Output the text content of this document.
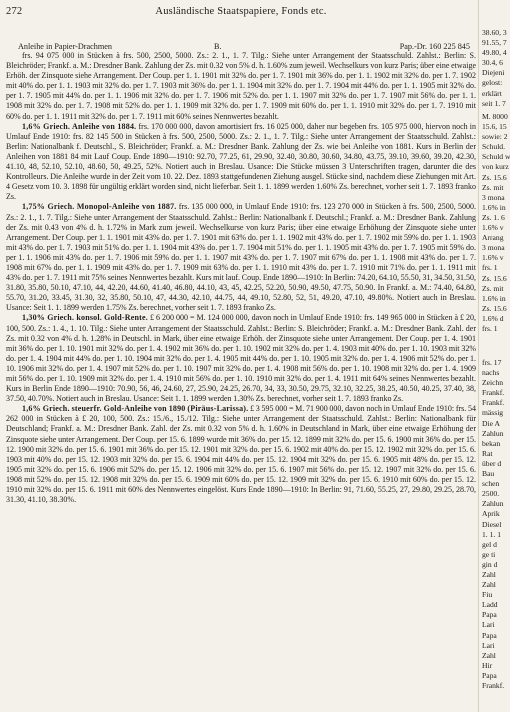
272	Ausländische Staatspapiere, Fonds etc.
Anleihe in Papier-Drachmen	B.	Pap.-Dr. 160 225 845

frs. 94 075 000 in Stücken à frs. 500, 2500, 5000. Zs.: 2. 1., 1. 7. Tilg.: Siehe unter Arrangement der Staatsschuld. Zahlst.: Berlin: S. Bleichröder; Frankf. a. M.: Dresdner Bank. Zahlung der Zs. mit 0.32 von 5% d. h. 1.60% zum jeweil. Wechselkurs von kurz Paris; über eine etwaige Erhöh. der Zinsquote siehe Arrangement. Der Coup. per 1. 1. 1901 mit 32% do. per 1. 7. 1901 mit 36% do. per 1. 1. 1902 mit 32% do. per 1. 7. 1902 mit 40% do. per 1. 1. 1903 mit 32% do. per 1. 7. 1903 mit 36% do. per 1. 1. 1904 mit 32% do. per 1. 7. 1904 mit 44% do. per 1. 1. 1905 mit 32% do. per 1. 7. 1905 mit 44% do. per 1. 1. 1906 mit 32% do. per 1. 7. 1906 mit 52% do. per 1. 1. 1907 mit 32% do. per 1. 7. 1907 mit 56% do. per 1. 1. 1908 mit 32% do. per 1. 7. 1908 mit 52% do. per 1. 1. 1909 mit 32% do. per 1. 7. 1909 mit 60% do. per 1. 1. 1910 mit 32% do. per 1. 7. 1910 mit 60% do. per 1. 1. 1911 mit 32% do. per 1. 7. 1911 mit 60% seines Nennwertes bezahlt.

1,6% Griech. Anleihe von 1884. frs. 170 000 000, davon amortisiert frs. 16 025 000, daher nur begeben frs. 105 975 000, hiervon noch in Umlauf Ende 1910: frs. 82 145 500 in Stücken à frs. 500, 2500, 5000. Zs.: 2. 1., 1. 7. Tilg.: Siehe unter Arrangement der Staatsschuld. Zahlst.: Berlin: Nationalbank f. Deutschl., S. Bleichröder; Frankf. a. M.: Dresdner Bank. Zahlung der Zs. wie bei Anleihe von 1881. Kurs in Berlin der Anleihen von 1881 84 mit Lauf Coup. Ende 1890—1910: 92.70, 77.25, 61, 29.90, 32.40, 30.80, 30.60, 34.80, 43.75, 39.10, 39.60, 39.20, 42.30, 41.10, 48, 52.10, 52.10, 48.60, 50, 49.25, 52%. Notiert auch in Breslau. Usance: Die Stücke müssen 3 Unterschriften tragen, darunter die des Kontrolleurs. Die Anleihe wurde in der Zeit vom 10. 22. Dez. 1893 stattgefundenen Ziehung ausgel. Stücke sind, nachdem diese Ziehungen mit Art. 4 Gesetz vom 10. 3. 1898 für ungültig erklärt worden sind, nicht lieferbar. Seit 1. 1. 1899 werden 1.60% Zs. berechnet, vorher seit 1. 7. 1893 franko Zs.

1,75% Griech. Monopol-Anleihe von 1887. frs. 135 000 000, in Umlauf Ende 1910: frs. 123 270 000 in Stücken à frs. 500, 2500, 5000. Zs.: 2. 1., 1. 7. Tilg.: Siehe unter Arrangement der Staatsschuld. Zahlst.: Berlin: Nationalbank f. Deutschl.; Frankf. a. M.: Dresdner Bank. Zahlung der Zs. mit 0.43 von 4% d. h. 1.72% in Mark zum jeweil. Wechselkurse von kurz Paris; über eine etwaige Erhöhung der Zinsquote siehe unter Arrangement. Der Coup. per 1. 1. 1901 mit 43% do. per 1. 7. 1901 mit 63% do. per 1. 1. 1902 mit 43% do. per 1. 7. 1902 mit 59% do. per 1. 1. 1903 mit 43% do. per 1. 7. 1903 mit 51% do. per 1. 1. 1904 mit 43% do. per 1. 7. 1904 mit 51% do. per 1. 1. 1905 mit 43% do. per 1. 7. 1905 mit 59% do. per 1. 1. 1906 mit 43% do. per 1. 7. 1906 mit 59% do. per 1. 1. 1907 mit 43% do. per 1. 7. 1907 mit 67% do. per 1. 1. 1908 mit 43% do. per 1. 7. 1908 mit 67% do. per 1. 1. 1909 mit 43% do. per 1. 7. 1909 mit 63% do. per 1. 1. 1910 mit 43% do. per 1. 7. 1910 mit 71% do. per 1. 1. 1911 mit 43% do. per 1. 7. 1911 mit 75% seines Nennwertes bezahlt. Kurs mit lauf. Coup. Ende 1890—1910: In Berlin: 74.20, 64.10, 55.50, 31, 34.50, 31.50, 31.80, 35.80, 50.10, 47.10, 44, 42.20, 44.60, 41.40, 46.80, 44.10, 43, 45, 42.25, 52.20, 50.90, 49.50, 47.75, 50.90. In Frankf. a. M.: 74.40, 64.80, 55.70, 31.20, 33.45, 31.30, 32, 35.80, 50.10, 47, 44.30, 42.10, 44.75, 44, 49.10, 52.80, 52, 51, 49.20, 47.10, 49.80%. Notiert auch in Breslau. Usance: Seit 1. 1. 1899 werden 1.75% Zs. berechnet, vorher seit 1. 7. 1893 franko Zs.

1,30% Griech. konsol. Gold-Rente. £ 6 200 000 = M. 124 000 000, davon noch in Umlauf Ende 1910: frs. 149 965 000 in Stücken à £ 20, 100, 500. Zs.: 1. 4., 1. 10. Tilg.: Siehe unter Arrangement der Staatsschuld. Zahlst.: Berlin: S. Bleichröder; Frankf. a. M.: Dresdner Bank. Zahl. der Zs. mit 0.32 von 4% d. h. 1.28% in Deutschl. in Mark, über eine etwaige Erhöh. der Zinsquote siehe unter Arrangement. Der Coup. per 1. 4. 1901 mit 36% do. per 1. 10. 1901 mit 32% do. per 1. 4. 1902 mit 36% do. per 1. 10. 1902 mit 32% do. per 1. 4. 1903 mit 40% do. per 1. 10. 1903 mit 32% do. per 1. 4. 1904 mit 44% do. per 1. 10. 1904 mit 32% do. per 1. 4. 1905 mit 44% do. per 1. 10. 1905 mit 32% do. per 1. 4. 1906 mit 52% do. per 1. 10. 1906 mit 32% do. per 1. 4. 1907 mit 52% do. per 1. 10. 1907 mit 32% do. per 1. 4. 1908 mit 56% do. per 1. 10. 1908 mit 32% do. per 1. 4. 1909 mit 56% do. per 1. 10. 1909 mit 32% do. per 1. 4. 1910 mit 56% do. per 1. 10. 1910 mit 32% do. per 1. 4. 1911 mit 64% seines Nennwertes bezahlt. Kurs in Berlin Ende 1890—1910: 70.90, 56, 46, 24.60, 27, 25.90, 24.25, 26.70, 34, 33, 30.50, 29.75, 32.10, 32.25, 38.25, 40.50, 40.25, 37.40, 38, 37.50, 40.70%. Notiert auch in Breslau. Usance: Seit 1. 1. 1899 werden 1.30% Zs. berechnet, vorher seit 1. 7. 1893 franko Zs.

1,6% Griech. steuerfr. Gold-Anleihe von 1890 (Piräus-Larissa). £ 3 595 000 = M. 71 900 000, davon noch in Umlauf Ende 1910: frs. 54 262 000 in Stücken à £ 20, 100, 500. Zs.: 15./6., 15./12. Tilg.: Siehe unter Arrangement der Staatsschuld. Zahlst.: Berlin: Nationalbank für Deutschland; Frankf. a. M.: Dresdner Bank. Zahl. der Zs. mit 0.32 von 5% d. h. 1.60% in Deutschland in Mark, über eine etwaige Erhöhung der Zinsquote siehe unter Arrangement. Der Coup. per 15. 6. 1899 wurde mit 36% do. per 15. 12. 1899 mit 32% do. per 15. 6. 1900 mit 36% do. per 15. 12. 1900 mit 32% do. per 15. 6. 1901 mit 36% do. per 15. 12. 1901 mit 32% do. per 15. 6. 1902 mit 40% do. per 15. 12. 1902 mit 32% do. per 15. 6. 1903 mit 40% do. per 15. 12. 1903 mit 32% do. per 15. 6. 1904 mit 44% do. per 15. 12. 1904 mit 32% do. per 15. 6. 1905 mit 48% do. per 15. 12. 1905 mit 32% do. per 15. 6. 1906 mit 52% do. per 15. 12. 1906 mit 32% do. per 15. 6. 1907 mit 56% do. per 15. 12. 1907 mit 32% do. per 15. 6. 1908 mit 52% do. per 15. 12. 1908 mit 32% do. per 15. 6. 1909 mit 60% do. per 15. 12. 1909 mit 32% do. per 15. 6. 1910 mit 60% do. per 15. 12. 1910 mit 32% do. per 15. 6. 1911 mit 60% des Nennwertes eingelöst. Kurs Ende 1890—1910: In Berlin: 91, 71.60, 55.25, 27, 29.80, 29.25, 28.70, 31.30, 41.10, 38.30%.

38.60, 3
91.55, 7
49.80, 4
30.4, 6
Diejeni
gelost:
erklärt
seit 1. 7
M. 8000
15.6, 15
sowie: 2
Schuld.
Schuld w
von kurz
Zs. 15.6
Zs. mit
3 mona
1.6% in
Zs. 1. 6
1.6% v
Arrang
3 mona
1.6% v
frs. 1
Zs. 15.6
Zs. mit
1.6% in
Zs. 15.6
1.6% d
frs. 1
frs. 17
nachs
Zeichn
Frankf.
Frankf.
mässig
Die A
Zahlun
bekan
Rat
über d
Bau
schen
2500.
Zahlun
Aprik
Diesel
1. 1. 1
gel d
ge ti
gin d
Zahl
Zahl
Fiu
Ladd
Papa
Lari
Papa
Lari
Zahl
Hir
Papa
Frankf.
